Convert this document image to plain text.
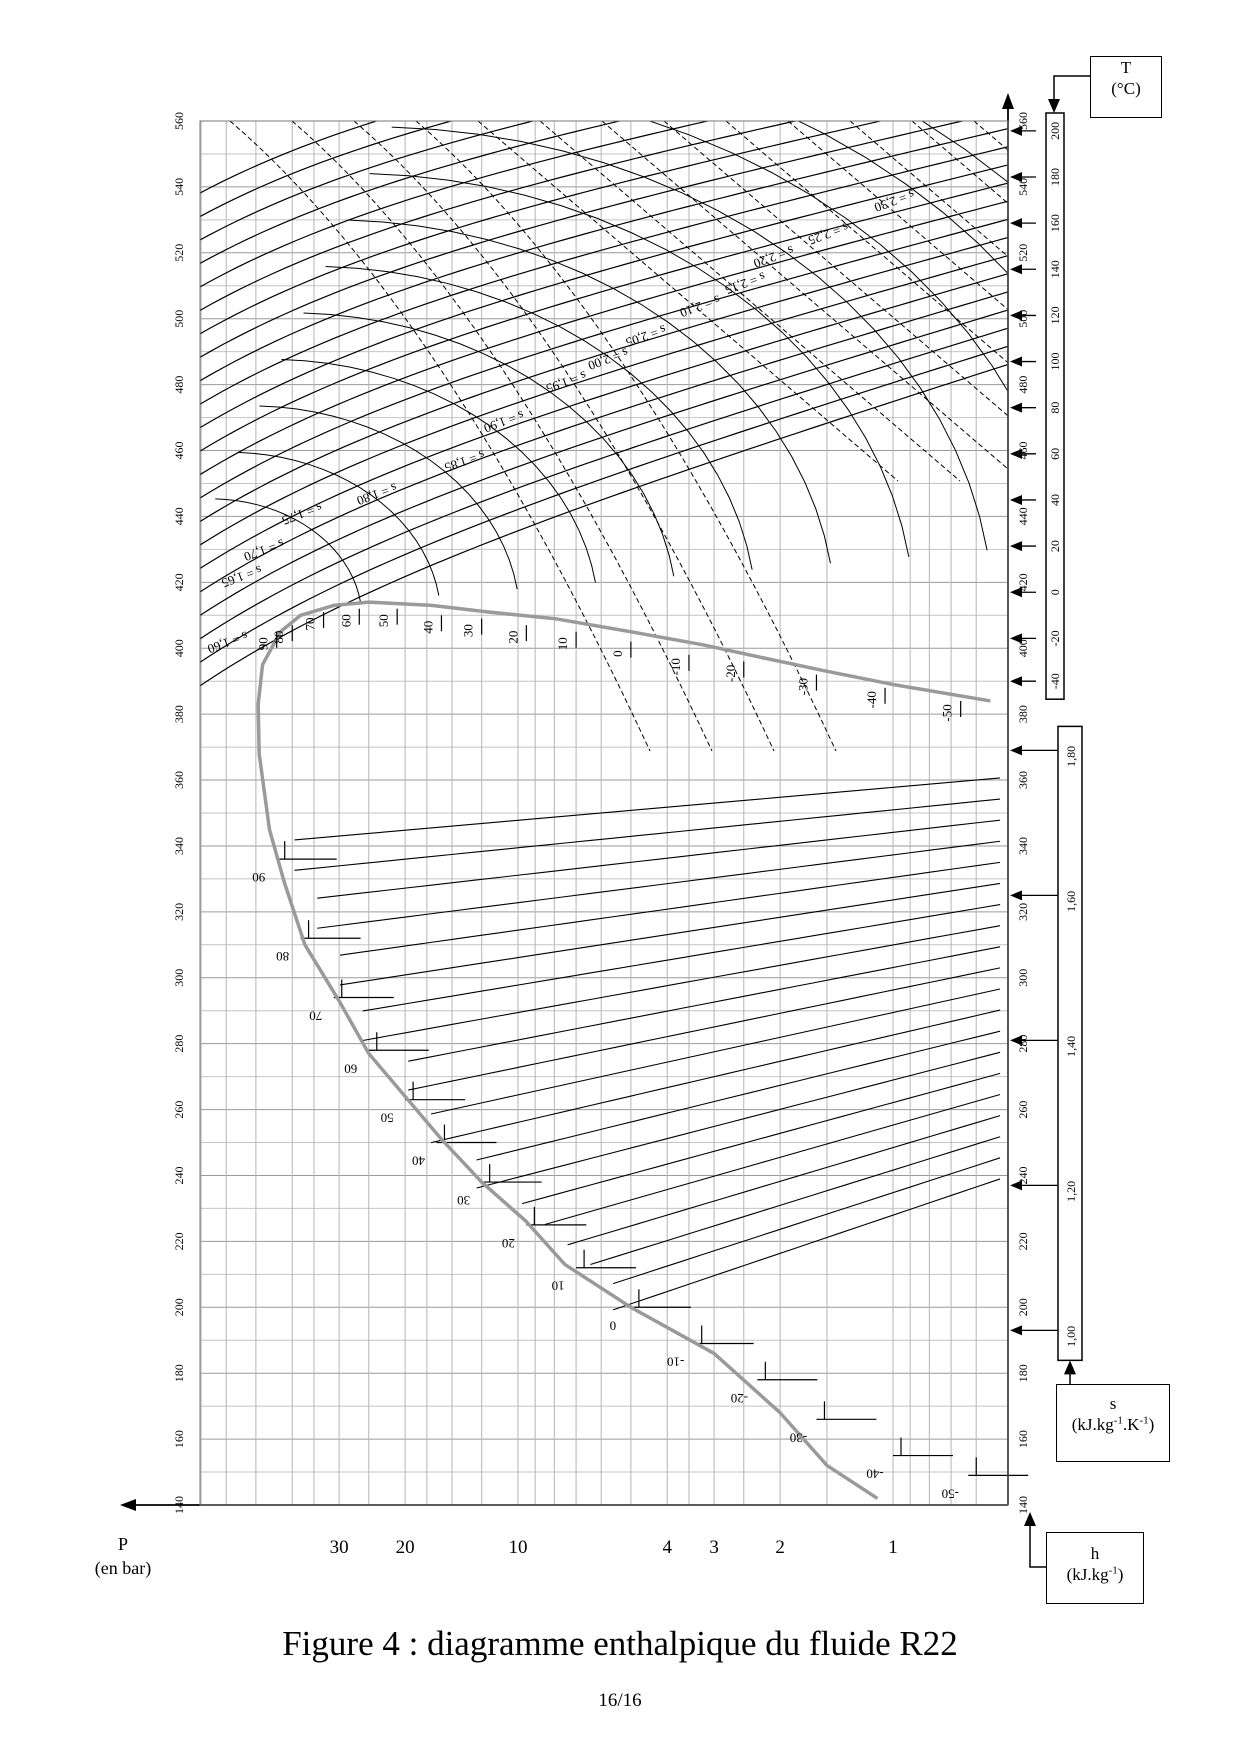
140	140
160	160
180	180
200	200
220	220
240	240
260	260
280	280
300	300
320	320
340	340
360	360
380	380
400	400
420	420
440	440
460	460
480	480
500	500
520	520
540	540
560	560
30 20	10	4 3	2	1
90
80
70
60
50
40
30
20
10
0
-10
-20
-30
-40
-50
90
80
70 60 50
40 30
20
10
0
-10	-20
-30
-40
-50
s = 1,60
s = 1,65
s = 1,70
s = 1,75
s = 1,80
s = 1,85
s = 1,90
s = 1,95
s = 2,00
s = 2,05
s = 2,10
s = 2,15
s = 2,20
s = 2,25
s = 2,30
-40
-20
0
20
40
60
80
100
120
140
160
180
200
1,00
1,20
1,40
1,60
1,80
T
(°C)
s
$(kJ.kg^{-1}.K^{-1})$
h
$(kJ.kg^{-1})$
P
(en bar)
Figure 4 : diagramme enthalpique du fluide R22
16/16
